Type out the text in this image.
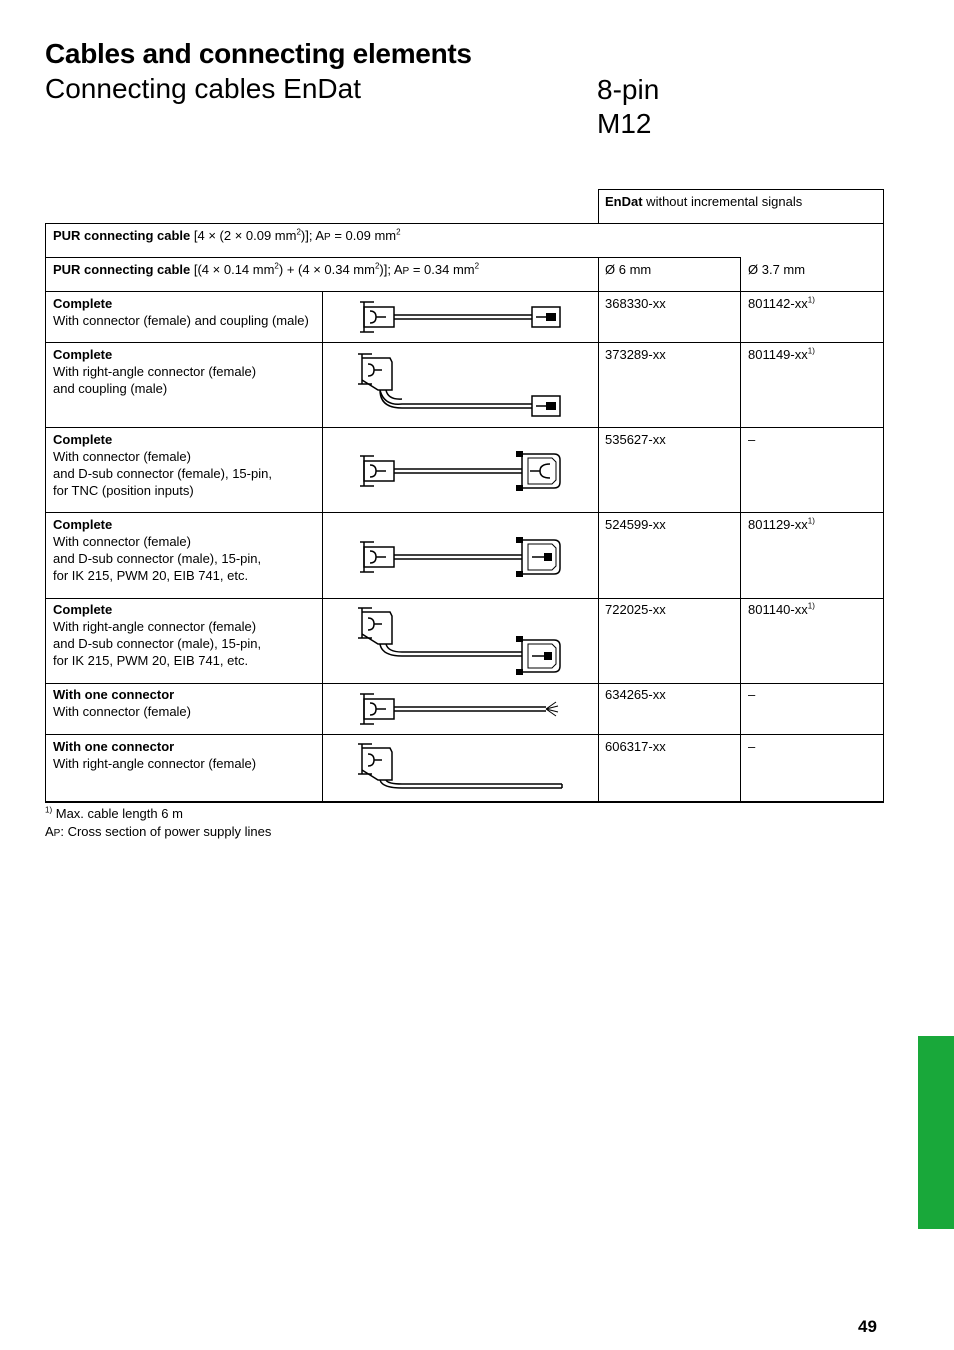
Cables and connecting elements
Connecting cables EnDat	8-pin
M12
EnDat without incremental signals
PUR connecting cable [4 × (2 × 0.09 $mm^2$)]; AP = 0.09 $mm^2$
PUR connecting cable [(4 × 0.14 $mm^2) + (4 \times 0.34$ $mm^2$)]; AP = 0.34 $mm^2$	Ø 6 mm	Ø 3.7 mm
Complete
With connector (female) and coupling (male)
368330-xx	$801142-xx^{1)}$
Complete
With right-angle connector (female)
and coupling (male)
373289-xx	$801149-xx^{1)}$
Complete
With connector (female)
and D-sub connector (female), 15-pin,
for TNC (position inputs)
535627-xx	–
Complete
With connector (female)
and D-sub connector (male), 15-pin,
for IK 215, PWM 20, EIB 741, etc.
524599-xx	$801129-xx^{1)}$
Complete
With right-angle connector (female)
and D-sub connector (male), 15-pin,
for IK 215, PWM 20, EIB 741, etc.
722025-xx	$801140-xx^{1)}$
With one connector
With connector (female)
634265-xx	–
With one connector
With right-angle connector (female)
606317-xx	–
$^{1)}$ Max. cable length 6 m
AP: Cross section of power supply lines
49
